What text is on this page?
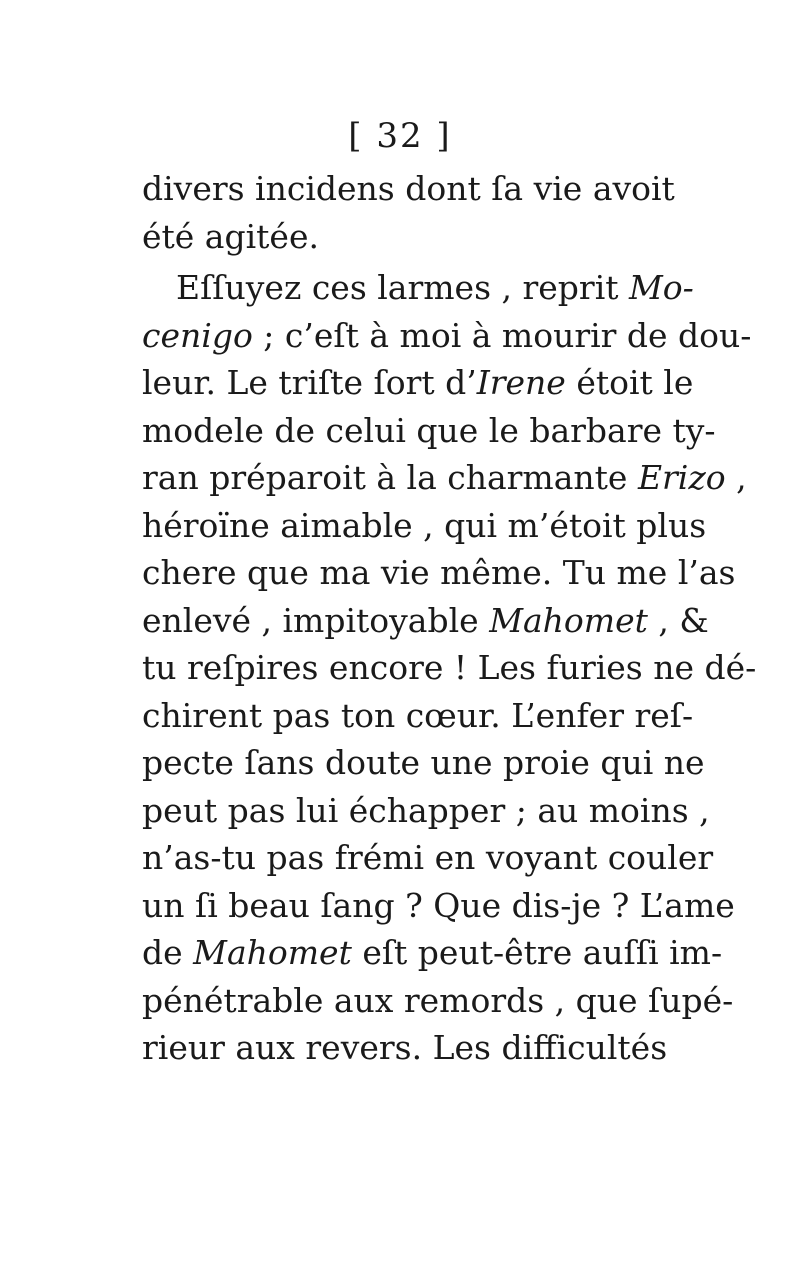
[ 32 ]
divers incidens dont ſa vie avoit
été agitée.
Eſſuyez ces larmes , reprit Mo-
cenigo ; c’eſt à moi à mourir de dou-
leur. Le triſte ſort d’Irene étoit le
modele de celui que le barbare ty-
ran préparoit à la charmante Erizo ,
héroïne aimable , qui m’étoit plus
chere que ma vie même. Tu me l’as
enlevé , impitoyable Mahomet , &
tu reſpires encore ! Les furies ne dé-
chirent pas ton cœur. L’enfer reſ-
pecte ſans doute une proie qui ne
peut pas lui échapper ; au moins ,
n’as-tu pas frémi en voyant couler
un ſi beau ſang ? Que dis-je ? L’ame
de Mahomet eſt peut-être auſſi im-
pénétrable aux remords , que ſupé-
rieur aux revers. Les difficultés
